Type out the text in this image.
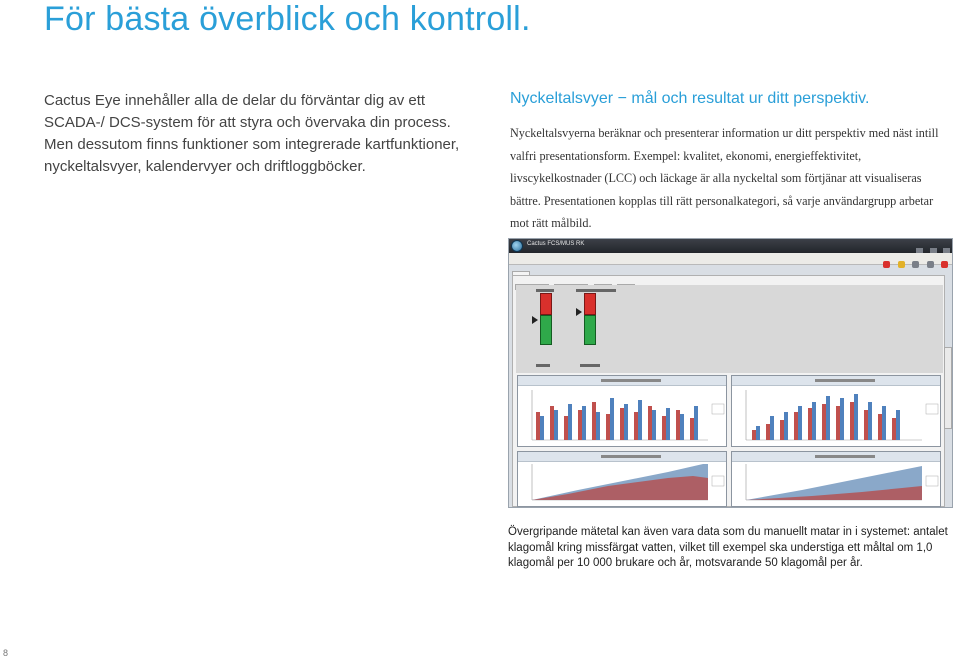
För bästa överblick och kontroll.
Cactus Eye innehåller alla de delar du förväntar dig av ett SCADA-/ DCS-system för att styra och övervaka din process. Men dessutom finns funktioner som integrerade kartfunktioner, nyckeltalsvyer, kalendervyer och driftloggböcker.
Nyckeltalsvyer − mål och resultat ur ditt perspektiv.
Nyckeltalsvyerna beräknar och presenterar information ur ditt perspektiv med näst intill valfri presentationsform. Exempel: kvalitet, ekonomi, energieffektivitet, livscykelkostnader (LCC) och läckage är alla nyckeltal som förtjänar att visualiseras bättre. Presentationen kopplas till rätt personalkategori, så varje användargrupp arbetar mot rätt målbild.
Cactus FCS/MUS RK

Övergripande mätetal kan även vara data som du manuellt matar in i systemet: antalet klagomål kring missfärgat vatten, vilket till exempel ska understiga ett måltal om 1,0 klagomål per 10 000 brukare och år, motsvarande 50 klagomål per år.
8
